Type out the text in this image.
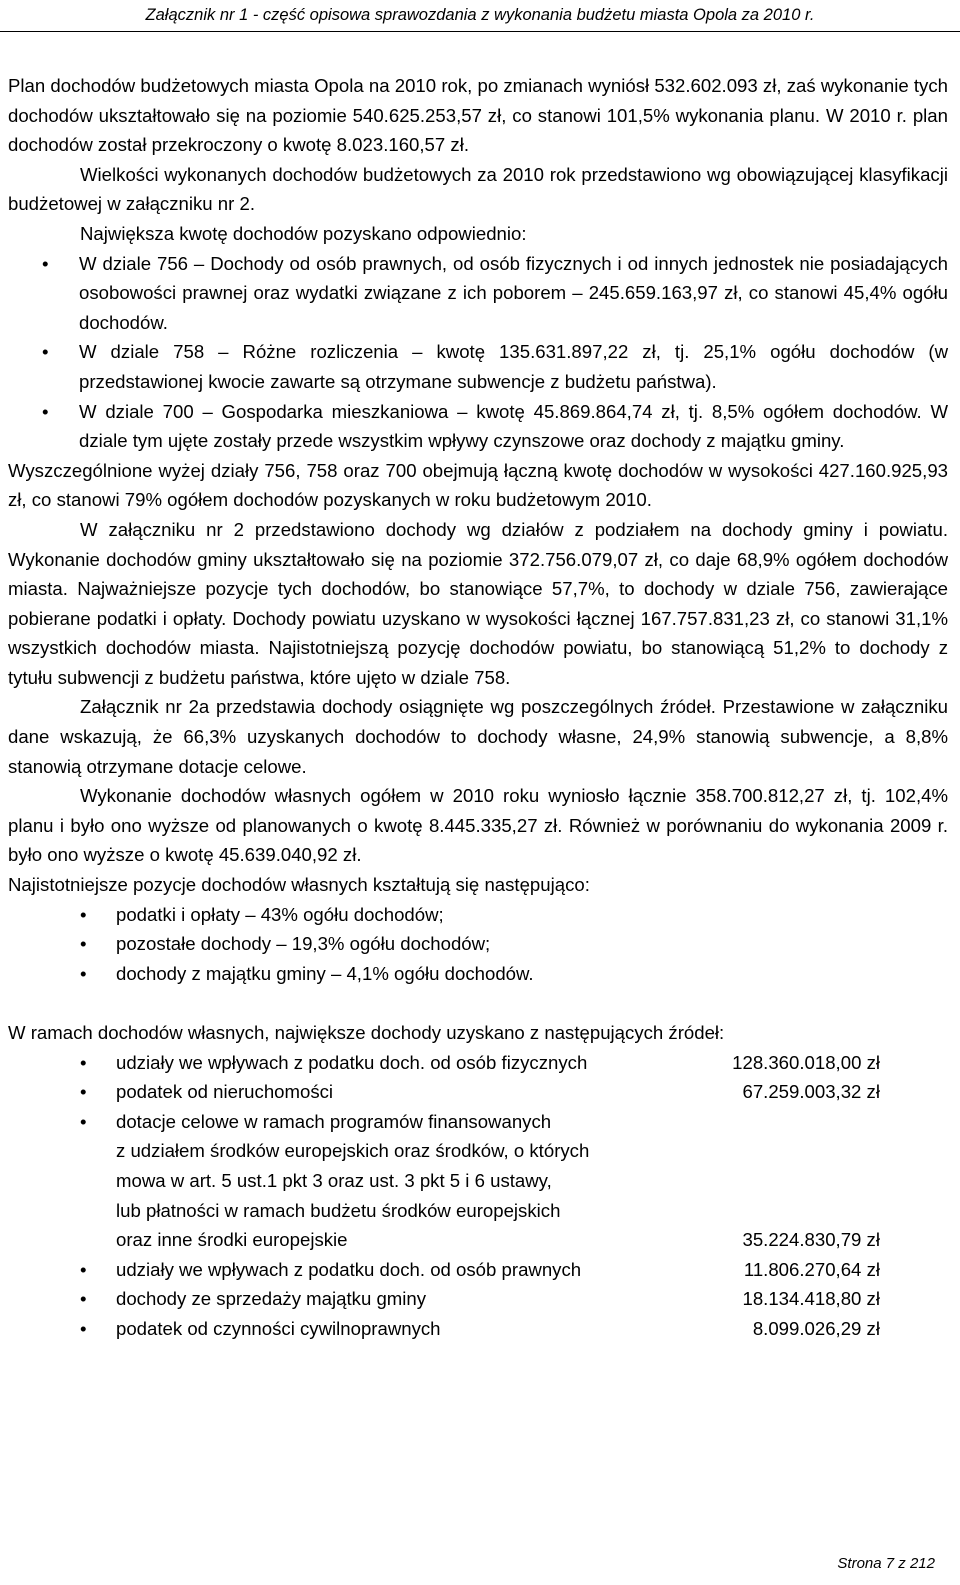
Załącznik nr 1 - część opisowa sprawozdania z wykonania budżetu miasta Opola za 2010 r.

Plan dochodów budżetowych miasta Opola na 2010 rok, po zmianach wyniósł 532.602.093 zł, zaś wykonanie tych dochodów ukształtowało się na poziomie 540.625.253,57 zł, co stanowi 101,5% wykonania planu. W 2010 r. plan dochodów został przekroczony o kwotę 8.023.160,57 zł.

Wielkości wykonanych dochodów budżetowych za 2010 rok przedstawiono wg obowiązującej klasyfikacji budżetowej w załączniku nr 2.

Największa kwotę dochodów pozyskano odpowiednio:

• W dziale 756 – Dochody od osób prawnych, od osób fizycznych i od innych jednostek nie posiadających osobowości prawnej oraz wydatki związane z ich poborem – 245.659.163,97 zł, co stanowi 45,4% ogółu dochodów.
• W dziale 758 – Różne rozliczenia – kwotę 135.631.897,22 zł, tj. 25,1% ogółu dochodów (w przedstawionej kwocie zawarte są otrzymane subwencje z budżetu państwa).
• W dziale 700 – Gospodarka mieszkaniowa – kwotę 45.869.864,74 zł, tj. 8,5% ogółem dochodów. W dziale tym ujęte zostały przede wszystkim wpływy czynszowe oraz dochody z majątku gminy.

Wyszczególnione wyżej działy 756, 758 oraz 700 obejmują łączną kwotę dochodów w wysokości 427.160.925,93 zł, co stanowi 79% ogółem dochodów pozyskanych w roku budżetowym 2010.

W załączniku nr 2 przedstawiono dochody wg działów z podziałem na dochody gminy i powiatu. Wykonanie dochodów gminy ukształtowało się na poziomie 372.756.079,07 zł, co daje 68,9% ogółem dochodów miasta. Najważniejsze pozycje tych dochodów, bo stanowiące 57,7%, to dochody w dziale 756, zawierające pobierane podatki i opłaty. Dochody powiatu uzyskano w wysokości łącznej 167.757.831,23 zł, co stanowi 31,1% wszystkich dochodów miasta. Najistotniejszą pozycję dochodów powiatu, bo stanowiącą 51,2% to dochody z tytułu subwencji z budżetu państwa, które ujęto w dziale 758.

Załącznik nr 2a przedstawia dochody osiągnięte wg poszczególnych źródeł. Przestawione w załączniku dane wskazują, że 66,3% uzyskanych dochodów to dochody własne, 24,9% stanowią subwencje, a 8,8% stanowią otrzymane dotacje celowe.

Wykonanie dochodów własnych ogółem w 2010 roku wyniosło łącznie 358.700.812,27 zł, tj. 102,4% planu i było ono wyższe od planowanych o kwotę 8.445.335,27 zł. Również w porównaniu do wykonania 2009 r. było ono wyższe o kwotę 45.639.040,92 zł.

Najistotniejsze pozycje dochodów własnych kształtują się następująco:

• podatki i opłaty – 43% ogółu dochodów;
• pozostałe dochody – 19,3% ogółu dochodów;
• dochody z majątku gminy – 4,1% ogółu dochodów.

W ramach dochodów własnych, największe dochody uzyskano z następujących źródeł:

• udziały we wpływach z podatku doch. od osób fizycznych	128.360.018,00 zł
• podatek od nieruchomości	67.259.003,32 zł
• dotacje celowe w ramach programów finansowanych
z udziałem środków europejskich oraz środków, o których
mowa w art. 5 ust.1 pkt 3 oraz ust. 3 pkt 5 i 6 ustawy,
lub płatności w ramach budżetu środków europejskich
oraz inne środki europejskie	35.224.830,79 zł
• udziały we wpływach z podatku doch. od osób prawnych	11.806.270,64 zł
• dochody ze sprzedaży majątku gminy	18.134.418,80 zł
• podatek od czynności cywilnoprawnych	8.099.026,29 zł
Strona 7 z 212
